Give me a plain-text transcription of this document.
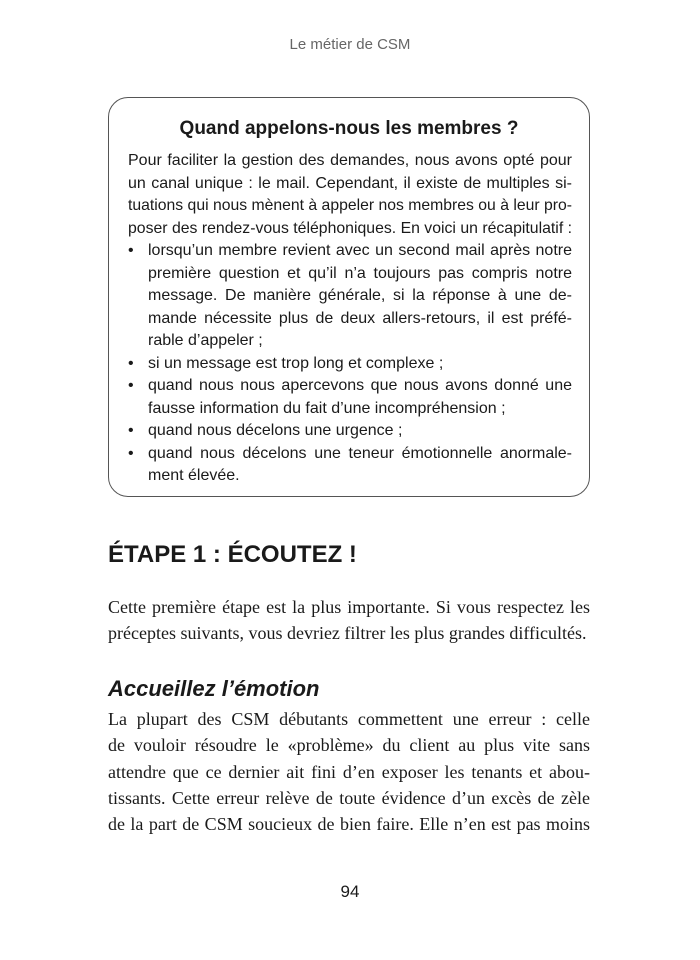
Le métier de CSM
Quand appelons-nous les membres ?
Pour faciliter la gestion des demandes, nous avons opté pour
un canal unique : le mail. Cependant, il existe de multiples si-
tuations qui nous mènent à appeler nos membres ou à leur pro-
poser des rendez-vous téléphoniques. En voici un récapitulatif :
• lorsqu’un membre revient avec un second mail après notre
première question et qu’il n’a toujours pas compris notre
message. De manière générale, si la réponse à une de-
mande nécessite plus de deux allers-retours, il est préfé-
rable d’appeler ;
• si un message est trop long et complexe ;
• quand nous nous apercevons que nous avons donné une
fausse information du fait d’une incompréhension ;
• quand nous décelons une urgence ;
• quand nous décelons une teneur émotionnelle anormale-
ment élevée.
ÉTAPE 1 : ÉCOUTEZ !
Cette première étape est la plus importante. Si vous respectez les
préceptes suivants, vous devriez filtrer les plus grandes difficultés.
Accueillez l’émotion
La plupart des CSM débutants commettent une erreur : celle
de vouloir résoudre le «problème» du client au plus vite sans
attendre que ce dernier ait fini d’en exposer les tenants et abou-
tissants. Cette erreur relève de toute évidence d’un excès de zèle
de la part de CSM soucieux de bien faire. Elle n’en est pas moins
94
